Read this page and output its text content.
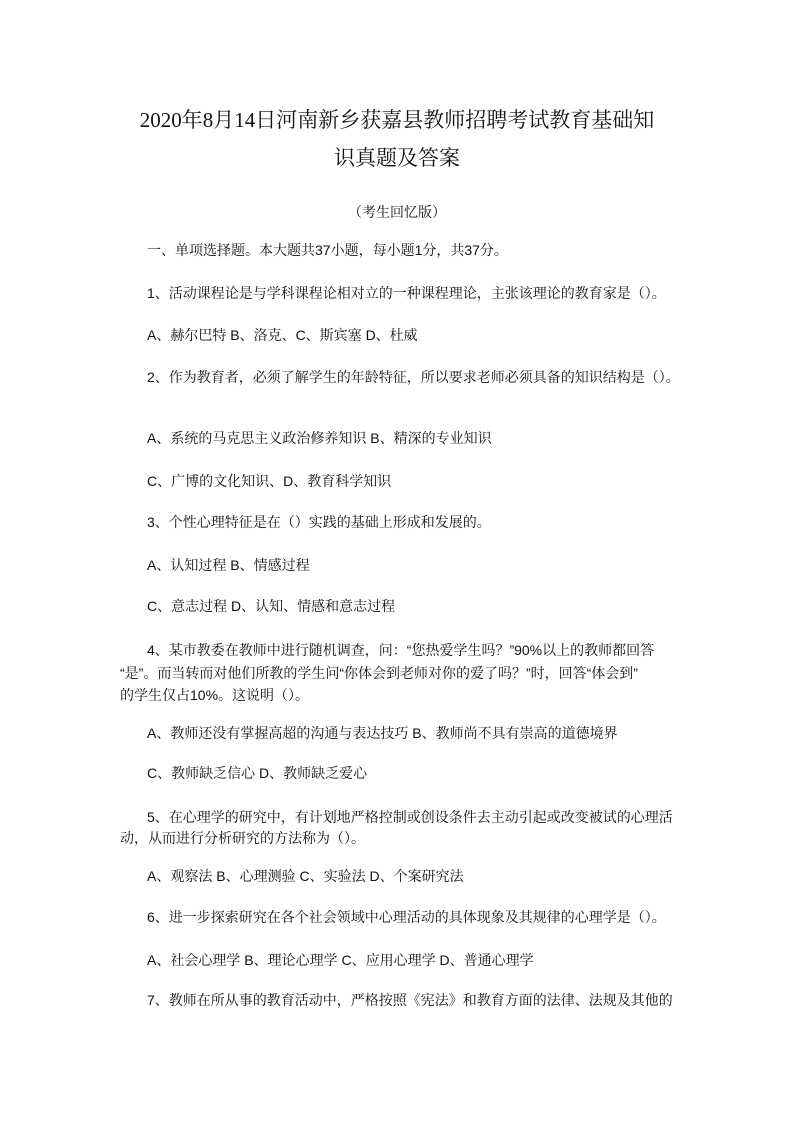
2020年8月14日河南新乡获嘉县教师招聘考试教育基础知
识真题及答案
（考生回忆版）
一、单项选择题。本大题共37小题，每小题1分，共37分。
1、活动课程论是与学科课程论相对立的一种课程理论，主张该理论的教育家是（）。
A、赫尔巴特 B、洛克、C、斯宾塞 D、杜威
2、作为教育者，必须了解学生的年龄特征，所以要求老师必须具备的知识结构是（）。
A、系统的马克思主义政治修养知识 B、精深的专业知识
C、广博的文化知识、D、教育科学知识
3、个性心理特征是在（）实践的基础上形成和发展的。
A、认知过程 B、情感过程
C、意志过程 D、认知、情感和意志过程
4、某市教委在教师中进行随机调查，问：“您热爱学生吗？”90%以上的教师都回答
“是”。而当转而对他们所教的学生问“你体会到老师对你的爱了吗？”时，回答“体会到”
的学生仅占10%。这说明（）。
A、教师还没有掌握高超的沟通与表达技巧 B、教师尚不具有崇高的道德境界
C、教师缺乏信心 D、教师缺乏爱心
5、在心理学的研究中，有计划地严格控制或创设条件去主动引起或改变被试的心理活
动，从而进行分析研究的方法称为（）。
A、观察法 B、心理测验 C、实验法 D、个案研究法
6、进一步探索研究在各个社会领域中心理活动的具体现象及其规律的心理学是（）。
A、社会心理学 B、理论心理学 C、应用心理学 D、普通心理学
7、教师在所从事的教育活动中，严格按照《宪法》和教育方面的法律、法规及其他的
